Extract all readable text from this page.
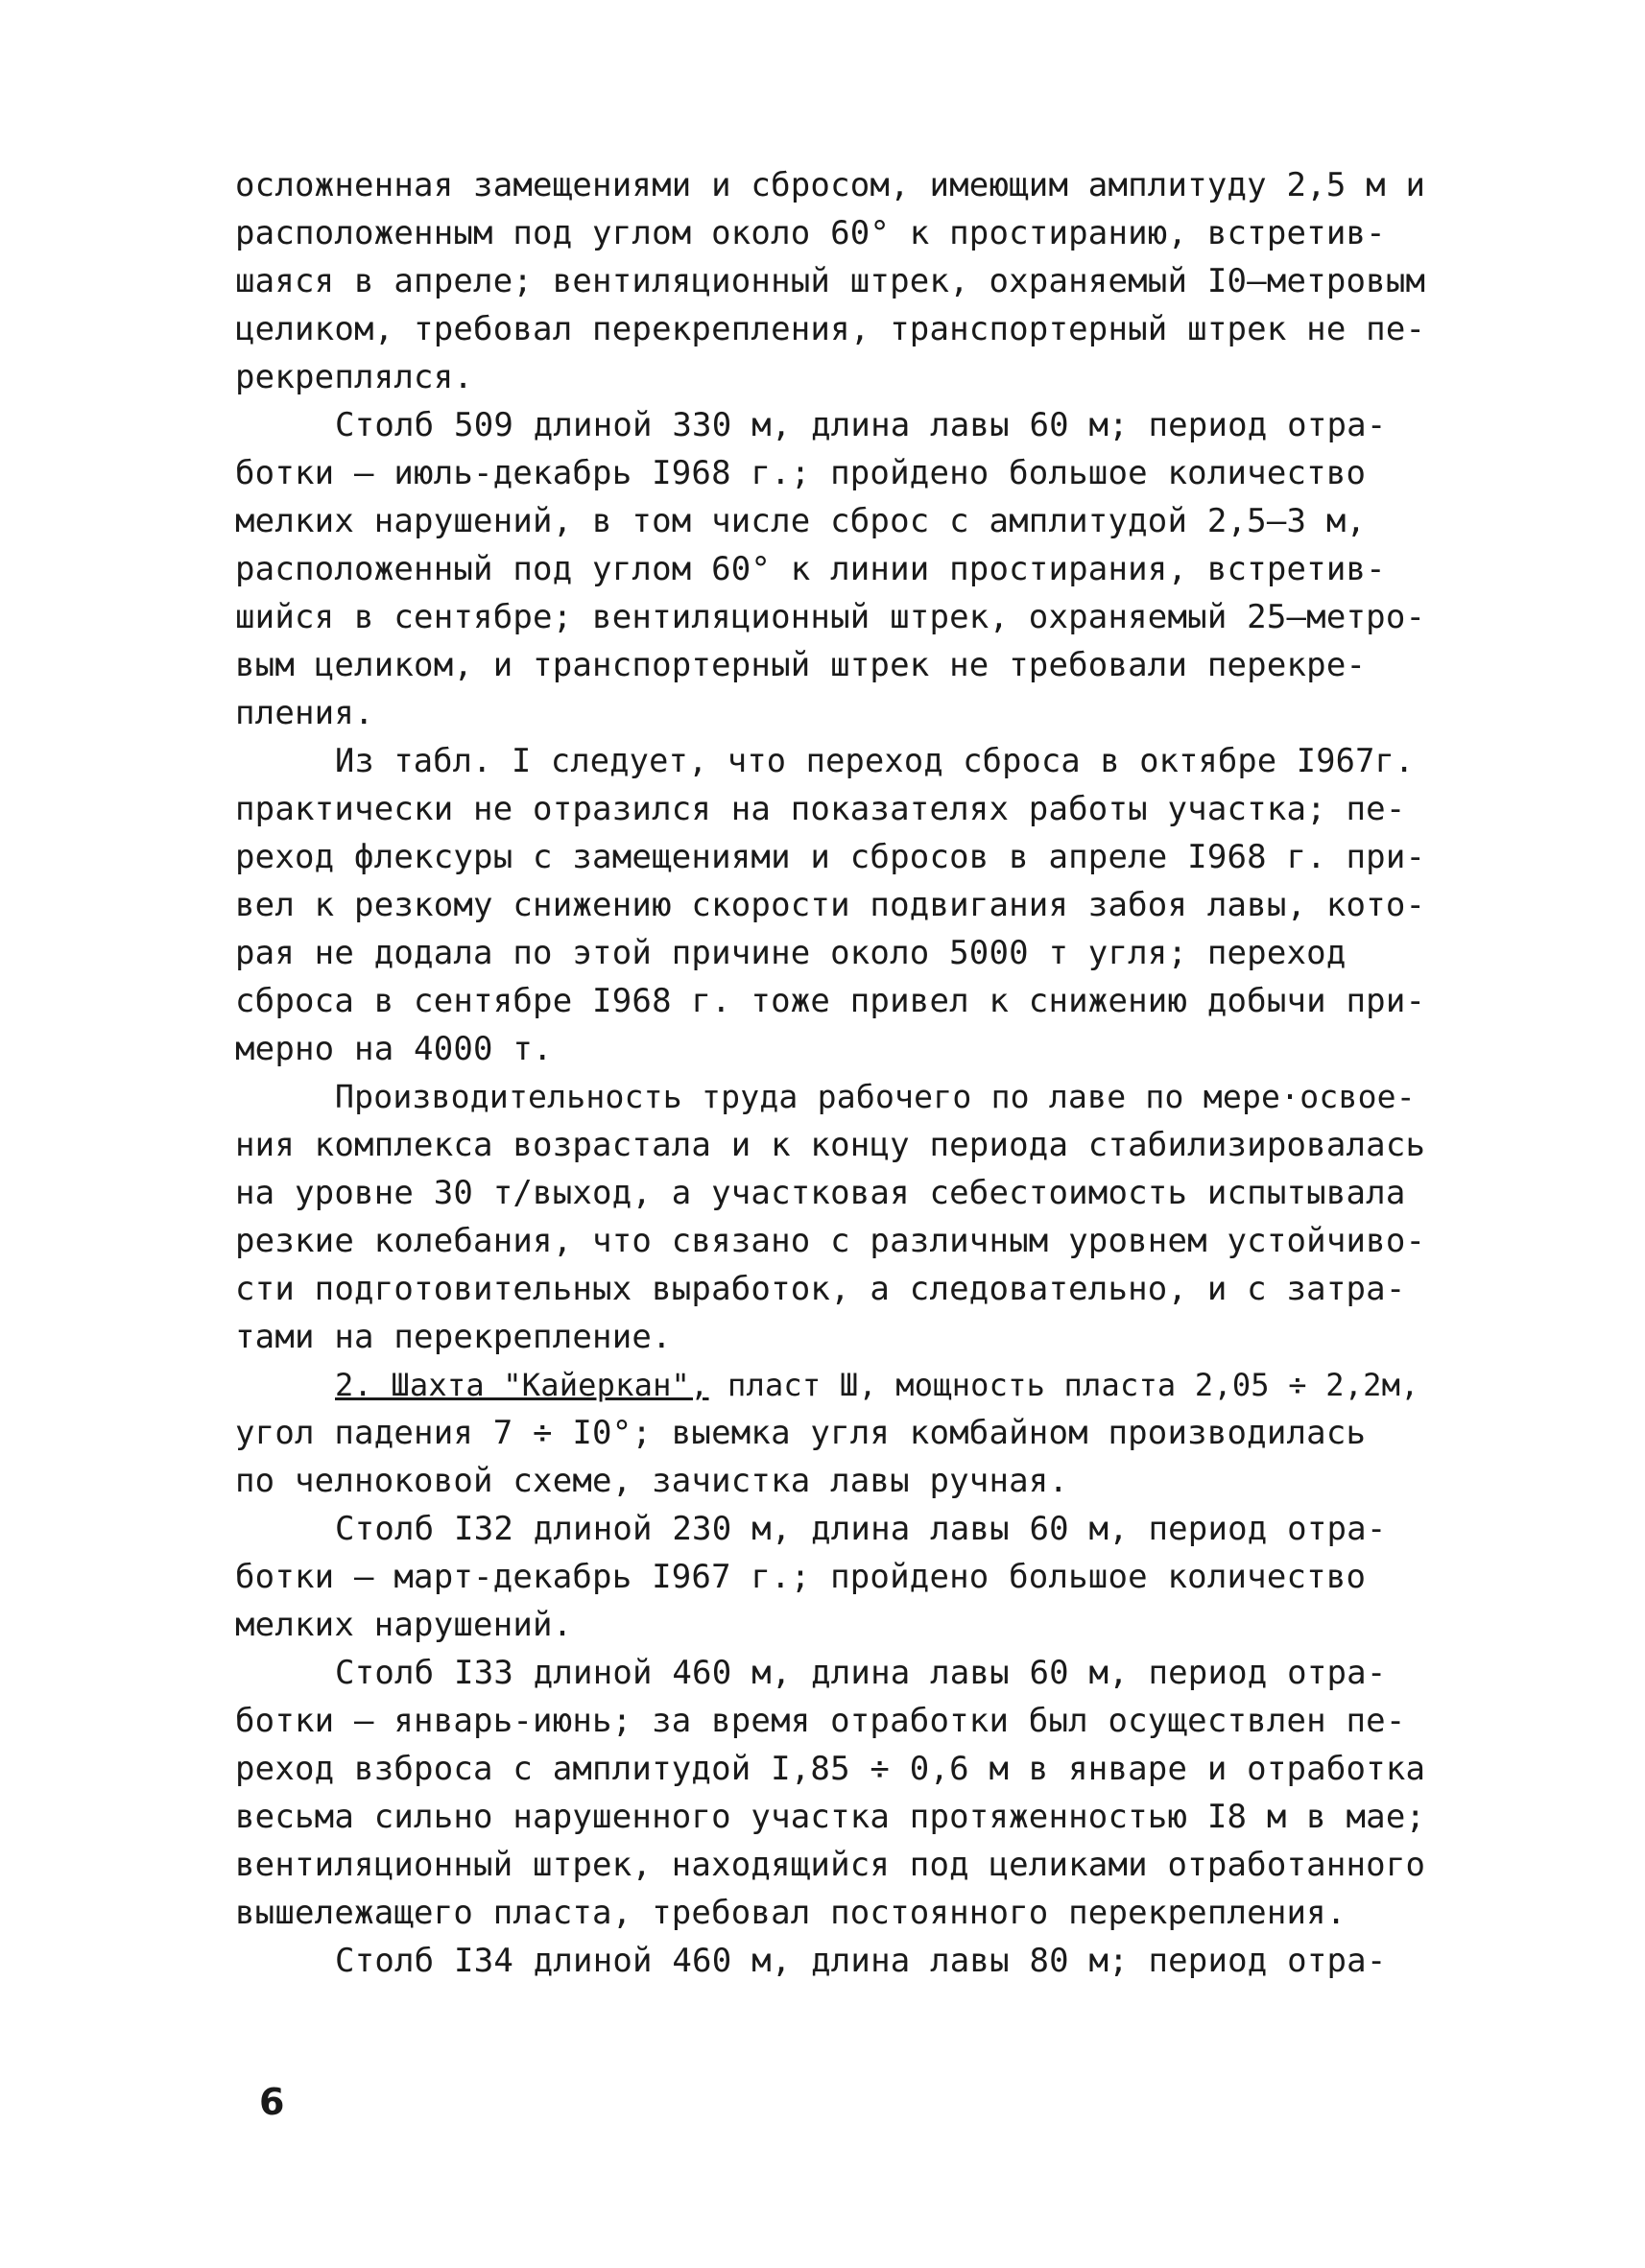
осложненная замещениями и сбросом, имеющим амплитуду 2,5 м и
расположенным под углом около 60° к простиранию, встретив-
шаяся в апреле; вентиляционный штрек, охраняемый I0–метровым
целиком, требовал перекрепления, транспортерный штрек не пе-
рекреплялся.
Столб 509 длиной 330 м, длина лавы 60 м; период отра-
ботки – июль-декабрь I968 г.; пройдено большое количество
мелких нарушений, в том числе сброс с амплитудой 2,5–3 м,
расположенный под углом 60° к линии простирания, встретив-
шийся в сентябре; вентиляционный штрек, охраняемый 25–метро-
вым целиком, и транспортерный штрек не требовали перекре-
пления.
Из табл. I следует, что переход сброса в октябре I967г.
практически не отразился на показателях работы участка; пе-
реход флексуры с замещениями и сбросов в апреле I968 г. при-
вел к резкому снижению скорости подвигания забоя лавы, кото-
рая не додала по этой причине около 5000 т угля; переход
сброса в сентябре I968 г. тоже привел к снижению добычи при-
мерно на 4000 т.
Производительность труда рабочего по лаве по мере·освое-
ния комплекса возрастала и к концу периода стабилизировалась
на уровне 30 т/выход, а участковая себестоимость испытывала
резкие колебания, что связано с различным уровнем устойчиво-
сти подготовительных выработок, а следовательно, и с затра-
тами на перекрепление.
2. Шахта "Кайеркан", пласт Ш, мощность пласта 2,05 ÷ 2,2м,
угол падения 7 ÷ I0°; выемка угля комбайном производилась
по челноковой схеме, зачистка лавы ручная.
Столб I32 длиной 230 м, длина лавы 60 м, период отра-
ботки – март-декабрь I967 г.; пройдено большое количество
мелких нарушений.
Столб I33 длиной 460 м, длина лавы 60 м, период отра-
ботки – январь-июнь; за время отработки был осуществлен пе-
реход взброса с амплитудой I,85 ÷ 0,6 м в январе и отработка
весьма сильно нарушенного участка протяженностью I8 м в мае;
вентиляционный штрек, находящийся под целиками отработанного
вышележащего пласта, требовал постоянного перекрепления.
Столб I34 длиной 460 м, длина лавы 80 м; период отра-
6
